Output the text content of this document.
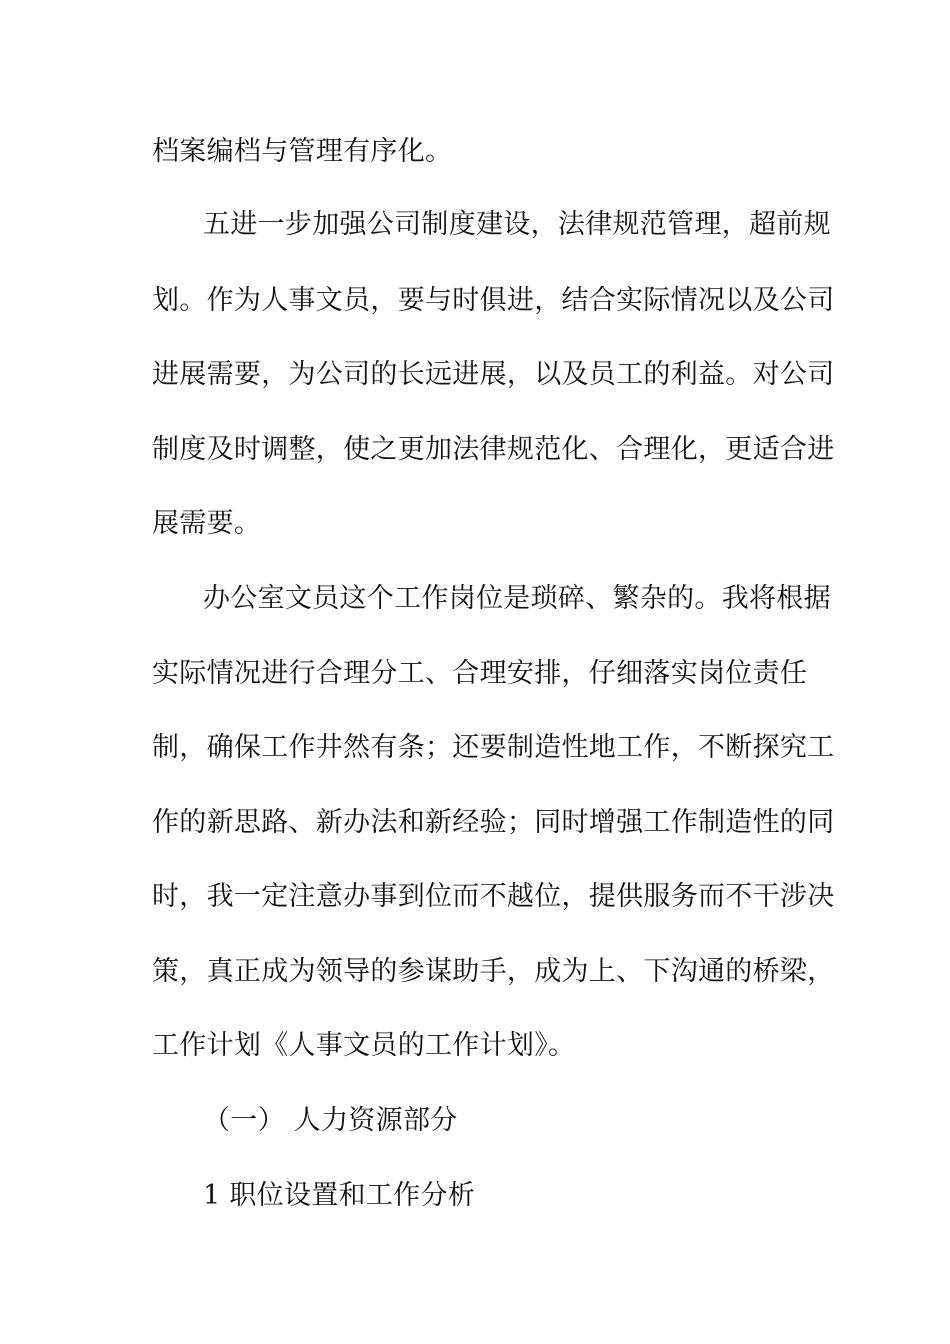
档案编档与管理有序化。
五进一步加强公司制度建设，法律规范管理，超前规
划。作为人事文员，要与时俱进，结合实际情况以及公司
进展需要，为公司的长远进展，以及员工的利益。对公司
制度及时调整，使之更加法律规范化、合理化，更适合进
展需要。
办公室文员这个工作岗位是琐碎、繁杂的。我将根据
实际情况进行合理分工、合理安排，仔细落实岗位责任
制，确保工作井然有条；还要制造性地工作，不断探究工
作的新思路、新办法和新经验；同时增强工作制造性的同
时，我一定注意办事到位而不越位，提供服务而不干涉决
策，真正成为领导的参谋助手，成为上、下沟通的桥梁，
工作计划《人事文员的工作计划》。
（一） 人力资源部分
1 职位设置和工作分析
